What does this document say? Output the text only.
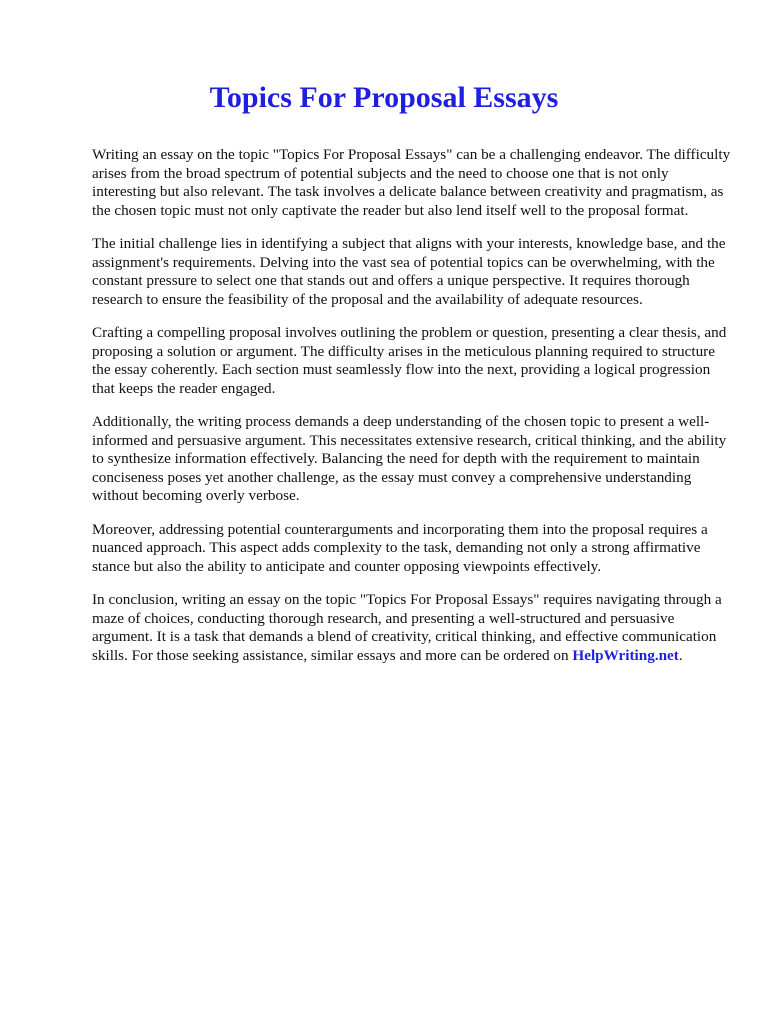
Topics For Proposal Essays

Writing an essay on the topic "Topics For Proposal Essays" can be a challenging endeavor. The difficulty arises from the broad spectrum of potential subjects and the need to choose one that is not only interesting but also relevant. The task involves a delicate balance between creativity and pragmatism, as the chosen topic must not only captivate the reader but also lend itself well to the proposal format.

The initial challenge lies in identifying a subject that aligns with your interests, knowledge base, and the assignment's requirements. Delving into the vast sea of potential topics can be overwhelming, with the constant pressure to select one that stands out and offers a unique perspective. It requires thorough research to ensure the feasibility of the proposal and the availability of adequate resources.

Crafting a compelling proposal involves outlining the problem or question, presenting a clear thesis, and proposing a solution or argument. The difficulty arises in the meticulous planning required to structure the essay coherently. Each section must seamlessly flow into the next, providing a logical progression that keeps the reader engaged.

Additionally, the writing process demands a deep understanding of the chosen topic to present a well-informed and persuasive argument. This necessitates extensive research, critical thinking, and the ability to synthesize information effectively. Balancing the need for depth with the requirement to maintain conciseness poses yet another challenge, as the essay must convey a comprehensive understanding without becoming overly verbose.

Moreover, addressing potential counterarguments and incorporating them into the proposal requires a nuanced approach. This aspect adds complexity to the task, demanding not only a strong affirmative stance but also the ability to anticipate and counter opposing viewpoints effectively.

In conclusion, writing an essay on the topic "Topics For Proposal Essays" requires navigating through a maze of choices, conducting thorough research, and presenting a well-structured and persuasive argument. It is a task that demands a blend of creativity, critical thinking, and effective communication skills. For those seeking assistance, similar essays and more can be ordered on HelpWriting.net.
